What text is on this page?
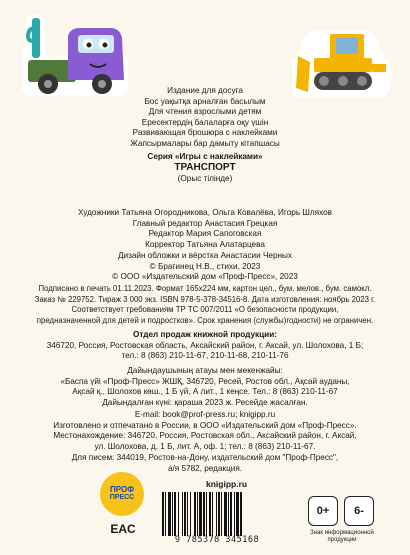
Издание для досуга
Бос уақытқа арналған басылым
Для чтения взрослыми детям
Ересектердің балаларға оқу үшін
Развивающая брошюра с наклейками
Жапсырмалары бар дамыту кітапшасы
Серия «Игры с наклейками»
ТРАНСПОРТ
(Орыс тілінде)
Художники Татьяна Огородникова, Ольга Ковалёва, Игорь Шляхов
Главный редактор Анастасия Грецкая
Редактор Мария Сапоговская
Корректор Татьяна Алатарцева
Дизайн обложки и вёрстка Анастасии Черных
© Брагинец Н.В., стихи, 2023
© ООО «Издательский дом «Проф-Пресс», 2023
Подписано в печать 01.11.2023. Формат 165х224 мм, картон цел., бум. мелов., бум. самокл.
Заказ № 229752. Тираж 3 000 экз. ISBN 978-5-378-34516-8. Дата изготовления: ноябрь 2023 г.
Соответствует требованиям ТР ТС 007/2011 «О безопасности продукции,
предназначенной для детей и подростков». Срок хранения (службы)годности) не ограничен.
Отдел продаж книжной продукции:
346720, Россия, Ростовская область, Аксайский район, г. Аксай, ул. Шолохова, 1 Б;
тел.: 8 (863) 210-11-67, 210-11-68, 210-11-76
Дайындаушының атауы мен мекенжайы:
«Баспа үйі «Проф-Пресс» ЖШҚ, 346720, Ресей, Ростов обл., Ақсай ауданы,
Ақсай қ., Шолохов көш., 1 Б үй, А лит., 1 кеңсе. Тел.: 8 (863) 210-11-67
Дайындалған күні: қараша 2023 ж. Ресейде жасалған.
E-mail: book@prof-press.ru; knigipp.ru
Изготовлено и отпечатано в России, в ООО «Издательский дом «Проф-Пресс».
Местонахождение: 346720, Россия, Ростовская обл., Аксайский район, г. Аксай,
ул. Шолохова, д. 1 Б, лит. А, оф. 1; тел.: 8 (863) 210-11-67.
Для писем: 344019, Ростов-на-Дону, издательский дом "Проф-Пресс",
а/я 5782, редакция.
ПРОФ
ПРЕСС
EAC
knigipp.ru
9 785378 345168
0+	6-
Знак информационной
продукции
